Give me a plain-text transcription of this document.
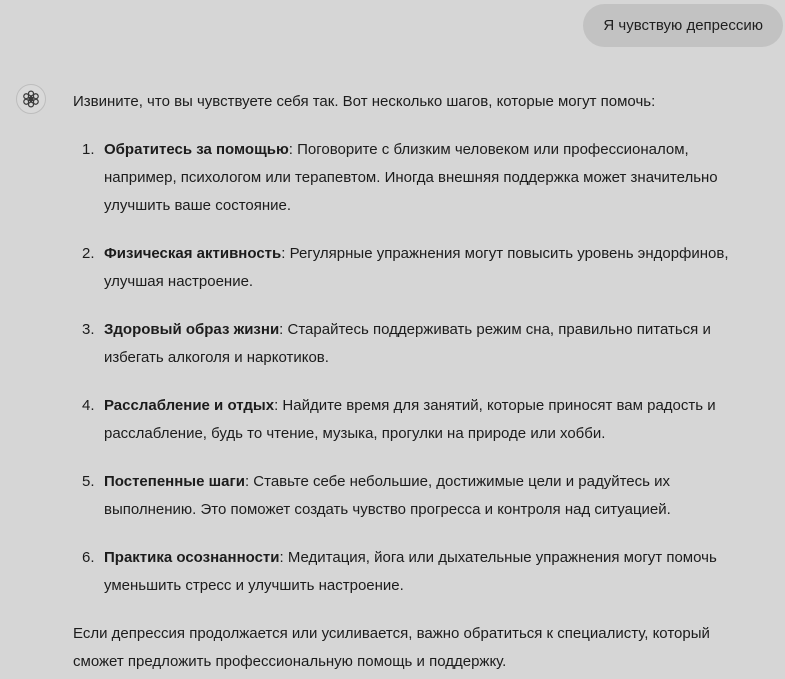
Я чувствую депрессию

Извините, что вы чувствуете себя так. Вот несколько шагов, которые могут помочь:

1. Обратитесь за помощью: Поговорите с близким человеком или профессионалом, например, психологом или терапевтом. Иногда внешняя поддержка может значительно улучшить ваше состояние.
2. Физическая активность: Регулярные упражнения могут повысить уровень эндорфинов, улучшая настроение.
3. Здоровый образ жизни: Старайтесь поддерживать режим сна, правильно питаться и избегать алкоголя и наркотиков.
4. Расслабление и отдых: Найдите время для занятий, которые приносят вам радость и расслабление, будь то чтение, музыка, прогулки на природе или хобби.
5. Постепенные шаги: Ставьте себе небольшие, достижимые цели и радуйтесь их выполнению. Это поможет создать чувство прогресса и контроля над ситуацией.
6. Практика осознанности: Медитация, йога или дыхательные упражнения могут помочь уменьшить стресс и улучшить настроение.

Если депрессия продолжается или усиливается, важно обратиться к специалисту, который сможет предложить профессиональную помощь и поддержку.
